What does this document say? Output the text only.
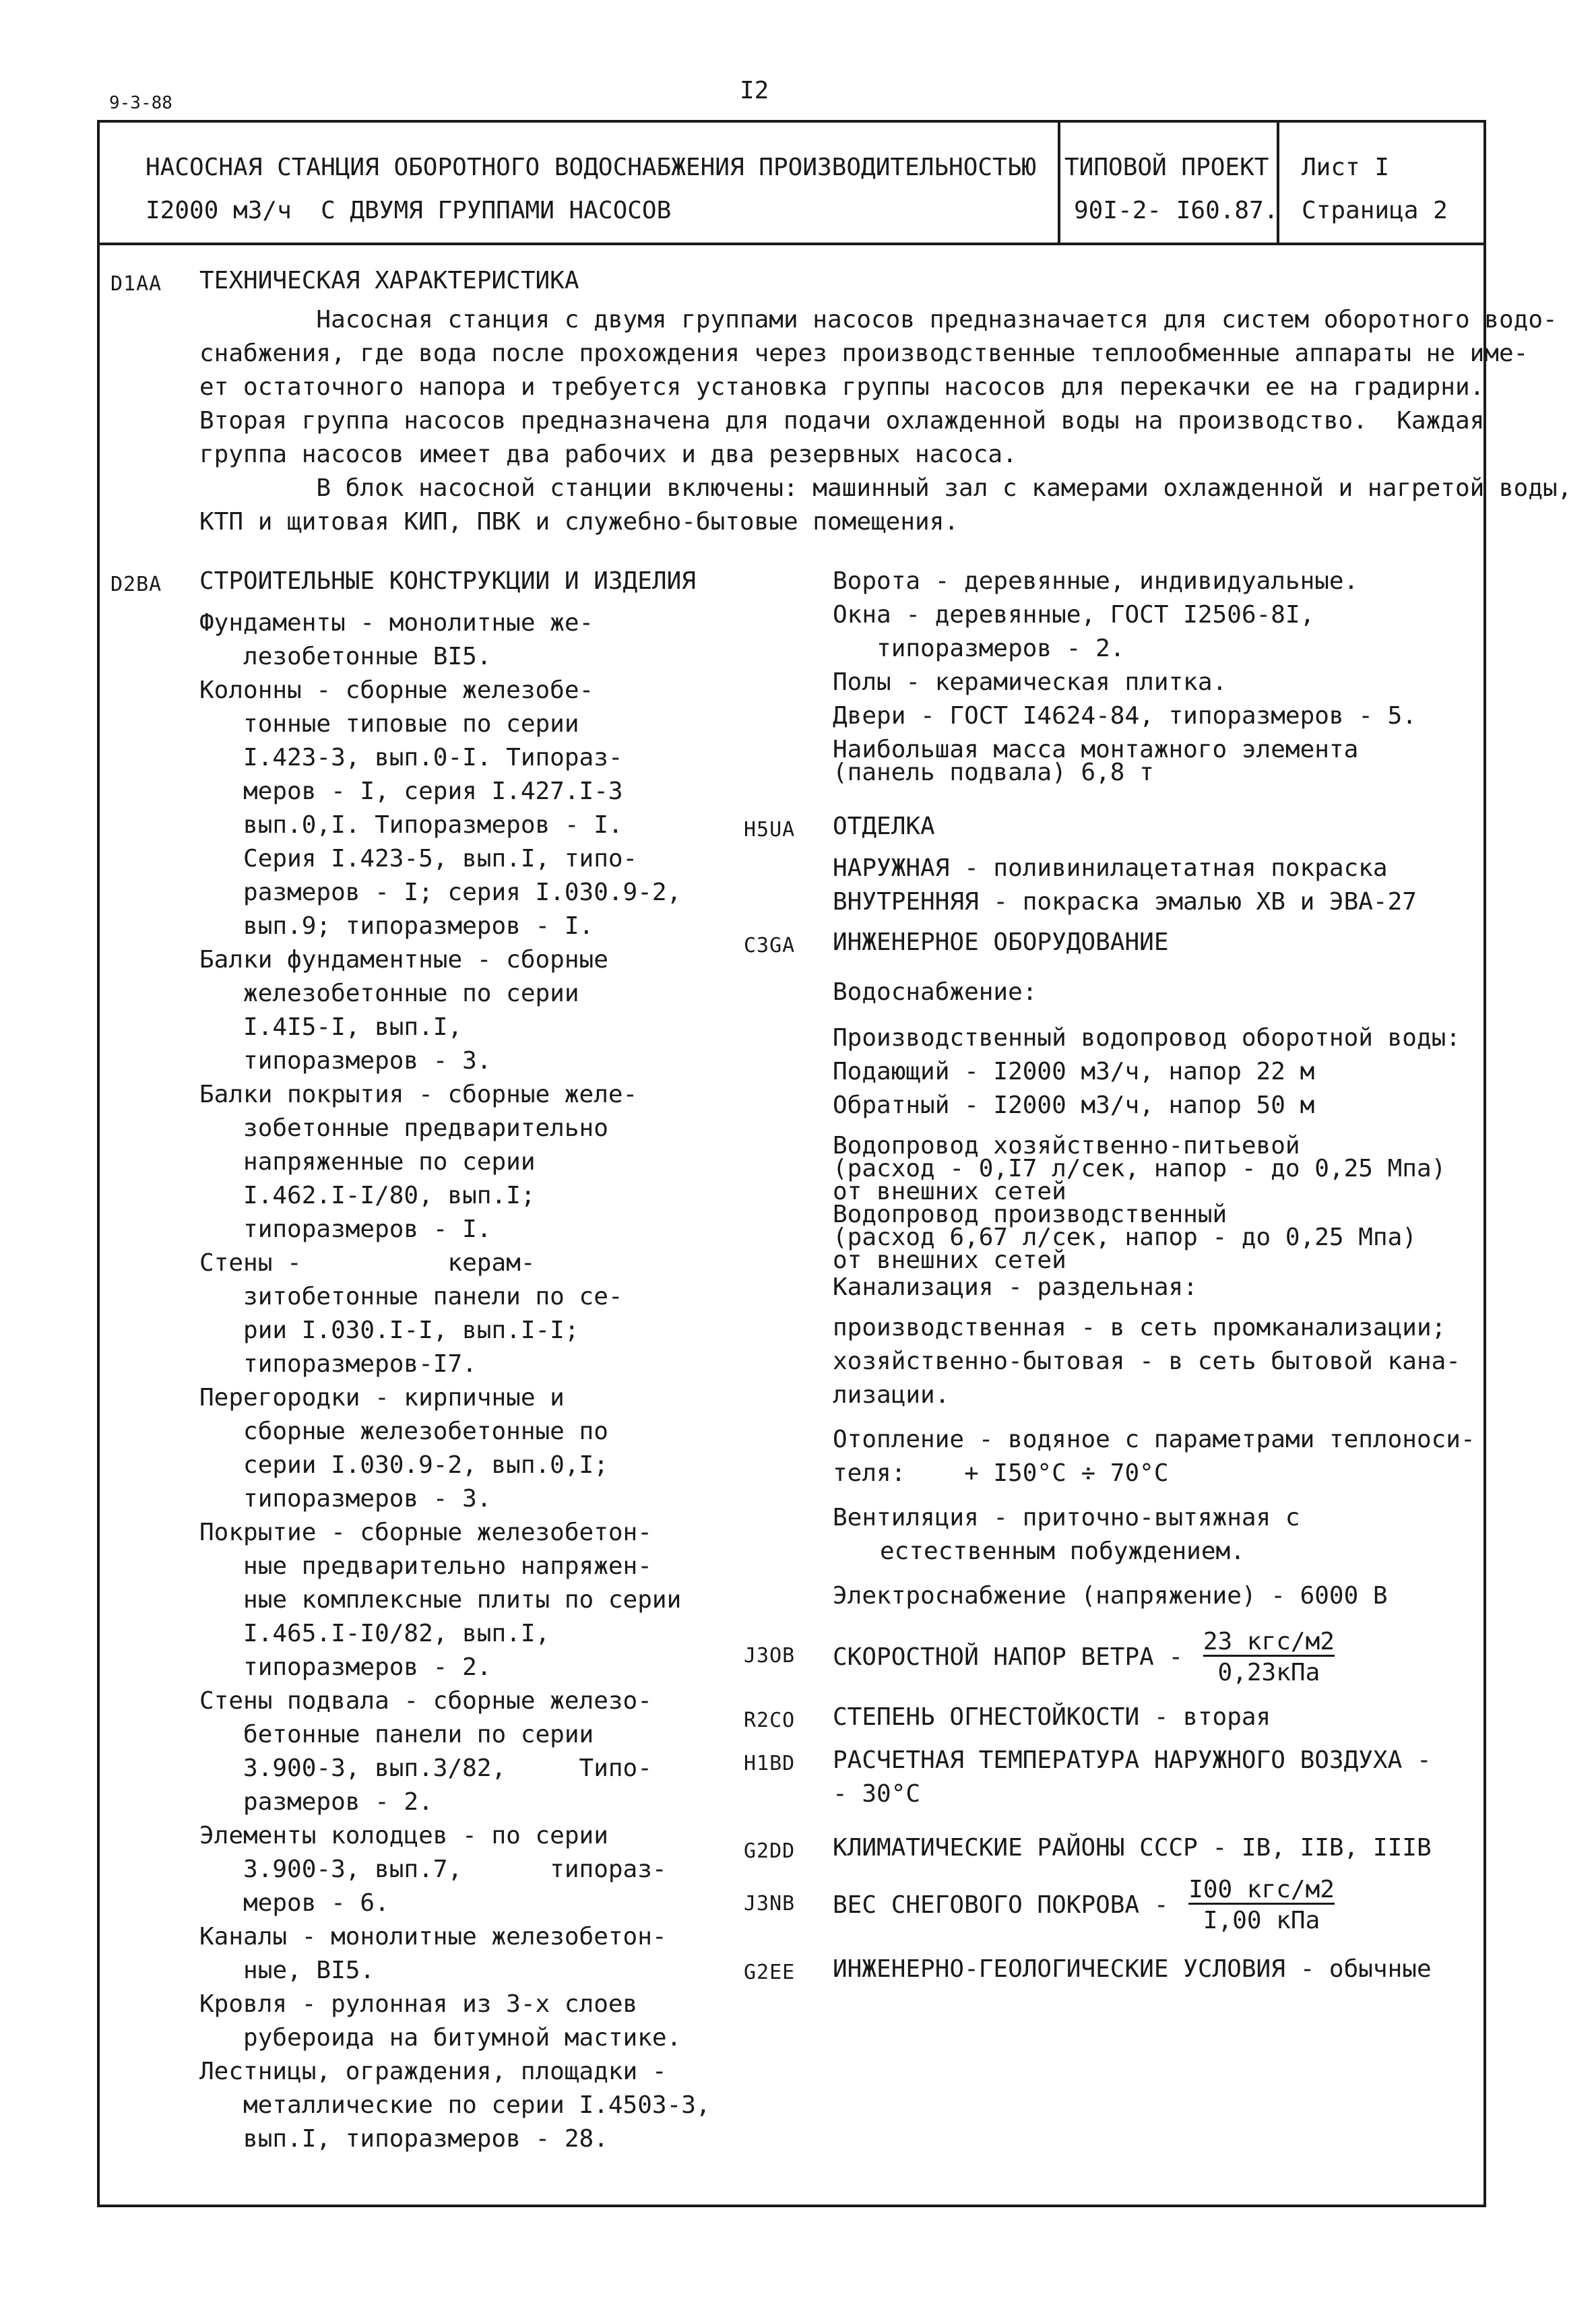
9-3-88	I2
НАСОСНАЯ СТАНЦИЯ ОБОРОТНОГО ВОДОСНАБЖЕНИЯ ПРОИЗВОДИТЕЛЬНОСТЬЮ
I2000 м3/ч  С ДВУМЯ ГРУППАМИ НАСОСОВ
ТИПОВОЙ ПРОЕКТ
90I-2- I60.87.
Лист I
Страница 2
D1AA ТЕХНИЧЕСКАЯ ХАРАКТЕРИСТИКА
Насосная станция с двумя группами насосов предназначается для систем оборотного водо-
снабжения, где вода после прохождения через производственные теплообменные аппараты не име-
ет остаточного напора и требуется установка группы насосов для перекачки ее на градирни.
Вторая группа насосов предназначена для подачи охлажденной воды на производство.  Каждая
группа насосов имеет два рабочих и два резервных насоса.
В блок насосной станции включены: машинный зал с камерами охлажденной и нагретой воды,
КТП и щитовая КИП, ПВК и служебно-бытовые помещения.
D2BA СТРОИТЕЛЬНЫЕ КОНСТРУКЦИИ И ИЗДЕЛИЯ
Фундаменты - монолитные же-
лезобетонные BI5.
Колонны - сборные железобе-
тонные типовые по серии
I.423-3, вып.0-I. Типораз-
меров - I, серия I.427.I-3
вып.0,I. Типоразмеров - I.
Серия I.423-5, вып.I, типо-
размеров - I; серия I.030.9-2,
вып.9; типоразмеров - I.
Балки фундаментные - сборные
железобетонные по серии
I.4I5-I, вып.I,
типоразмеров - 3.
Балки покрытия - сборные желе-
зобетонные предварительно
напряженные по серии
I.462.I-I/80, вып.I;
типоразмеров - I.
Стены -          керам-
зитобетонные панели по се-
рии I.030.I-I, вып.I-I;
типоразмеров-I7.
Перегородки - кирпичные и
сборные железобетонные по
серии I.030.9-2, вып.0,I;
типоразмеров - 3.
Покрытие - сборные железобетон-
ные предварительно напряжен-
ные комплексные плиты по серии
I.465.I-I0/82, вып.I,
типоразмеров - 2.
Стены подвала - сборные железо-
бетонные панели по серии
3.900-3, вып.3/82,     Типо-
размеров - 2.
Элементы колодцев - по серии
3.900-3, вып.7,      типораз-
меров - 6.
Каналы - монолитные железобетон-
ные, BI5.
Кровля - рулонная из 3-х слоев
рубероида на битумной мастике.
Лестницы, ограждения, площадки -
металлические по серии I.4503-3,
вып.I, типоразмеров - 28.
Ворота - деревянные, индивидуальные.
Окна - деревянные, ГОСТ I2506-8I,
типоразмеров - 2.
Полы - керамическая плитка.
Двери - ГОСТ I4624-84, типоразмеров - 5.
Наибольшая масса монтажного элемента
(панель подвала) 6,8 т
H5UA ОТДЕЛКА
НАРУЖНАЯ - поливинилацетатная покраска
ВНУТРЕННЯЯ - покраска эмалью ХВ и ЭВА-27
C3GA ИНЖЕНЕРНОЕ ОБОРУДОВАНИЕ
Водоснабжение:
Производственный водопровод оборотной воды:
Подающий - I2000 м3/ч, напор 22 м
Обратный - I2000 м3/ч, напор 50 м
Водопровод хозяйственно-питьевой
(расход - 0,I7 л/сек, напор - до 0,25 Мпа)
от внешних сетей
Водопровод производственный
(расход 6,67 л/сек, напор - до 0,25 Мпа)
от внешних сетей
Канализация - раздельная:
производственная - в сеть промканализации;
хозяйственно-бытовая - в сеть бытовой кана-
лизации.
Отопление - водяное с параметрами теплоноси-
теля:    + I50°С ÷ 70°С
Вентиляция - приточно-вытяжная с
естественным побуждением.
Электроснабжение (напряжение) - 6000 В
J3OB СКОРОСТНОЙ НАПОР ВЕТРА - $\frac{\text{23 кгс/м2}}{\text{0,23кПа}}$
R2CO СТЕПЕНЬ ОГНЕСТОЙКОСТИ - вторая
H1BD РАСЧЕТНАЯ ТЕМПЕРАТУРА НАРУЖНОГО ВОЗДУХА -
- 30°С
G2DD КЛИМАТИЧЕСКИЕ РАЙОНЫ СССР - IB, IIB, IIIB
J3NB ВЕС СНЕГОВОГО ПОКРОВА - $\frac{\text{I00 кгс/м2}}{\text{I,00 кПа}}$
G2EE ИНЖЕНЕРНО-ГЕОЛОГИЧЕСКИЕ УСЛОВИЯ - обычные
